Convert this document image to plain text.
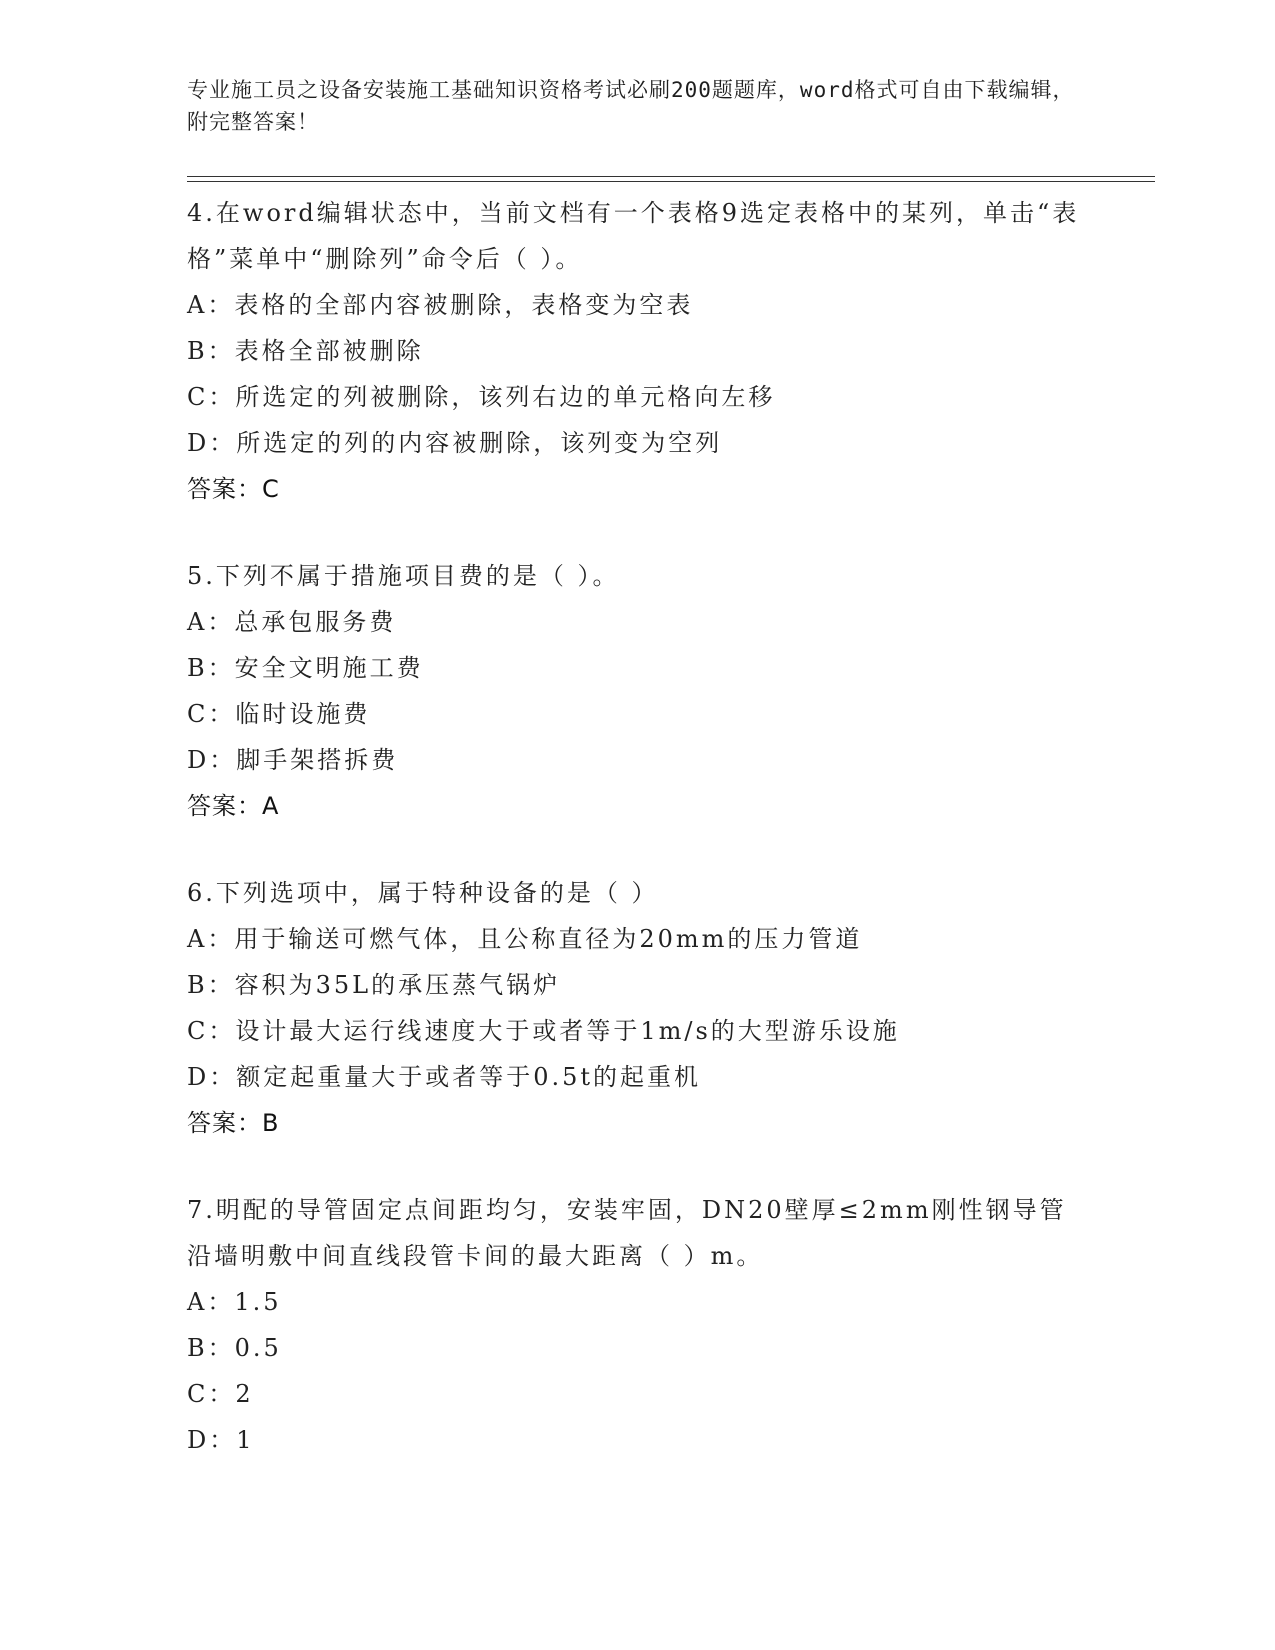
专业施工员之设备安装施工基础知识资格考试必刷200题题库，word格式可自由下载编辑，附完整答案！

4.在word编辑状态中，当前文档有一个表格9选定表格中的某列，单击“表格”菜单中“删除列”命令后（ ）。

A：表格的全部内容被删除，表格变为空表

B：表格全部被删除

C：所选定的列被删除，该列右边的单元格向左移

D：所选定的列的内容被删除，该列变为空列

答案：C

5.下列不属于措施项目费的是（ ）。

A：总承包服务费

B：安全文明施工费

C：临时设施费

D：脚手架搭拆费

答案：A

6.下列选项中，属于特种设备的是（ ）

A：用于输送可燃气体，且公称直径为20mm的压力管道

B：容积为35L的承压蒸气锅炉

C：设计最大运行线速度大于或者等于1m/s的大型游乐设施

D：额定起重量大于或者等于0.5t的起重机

答案：B

7.明配的导管固定点间距均匀，安装牢固，DN20壁厚≤2mm刚性钢导管沿墙明敷中间直线段管卡间的最大距离（ ）m。

A：1.5

B：0.5

C：2

D：1
